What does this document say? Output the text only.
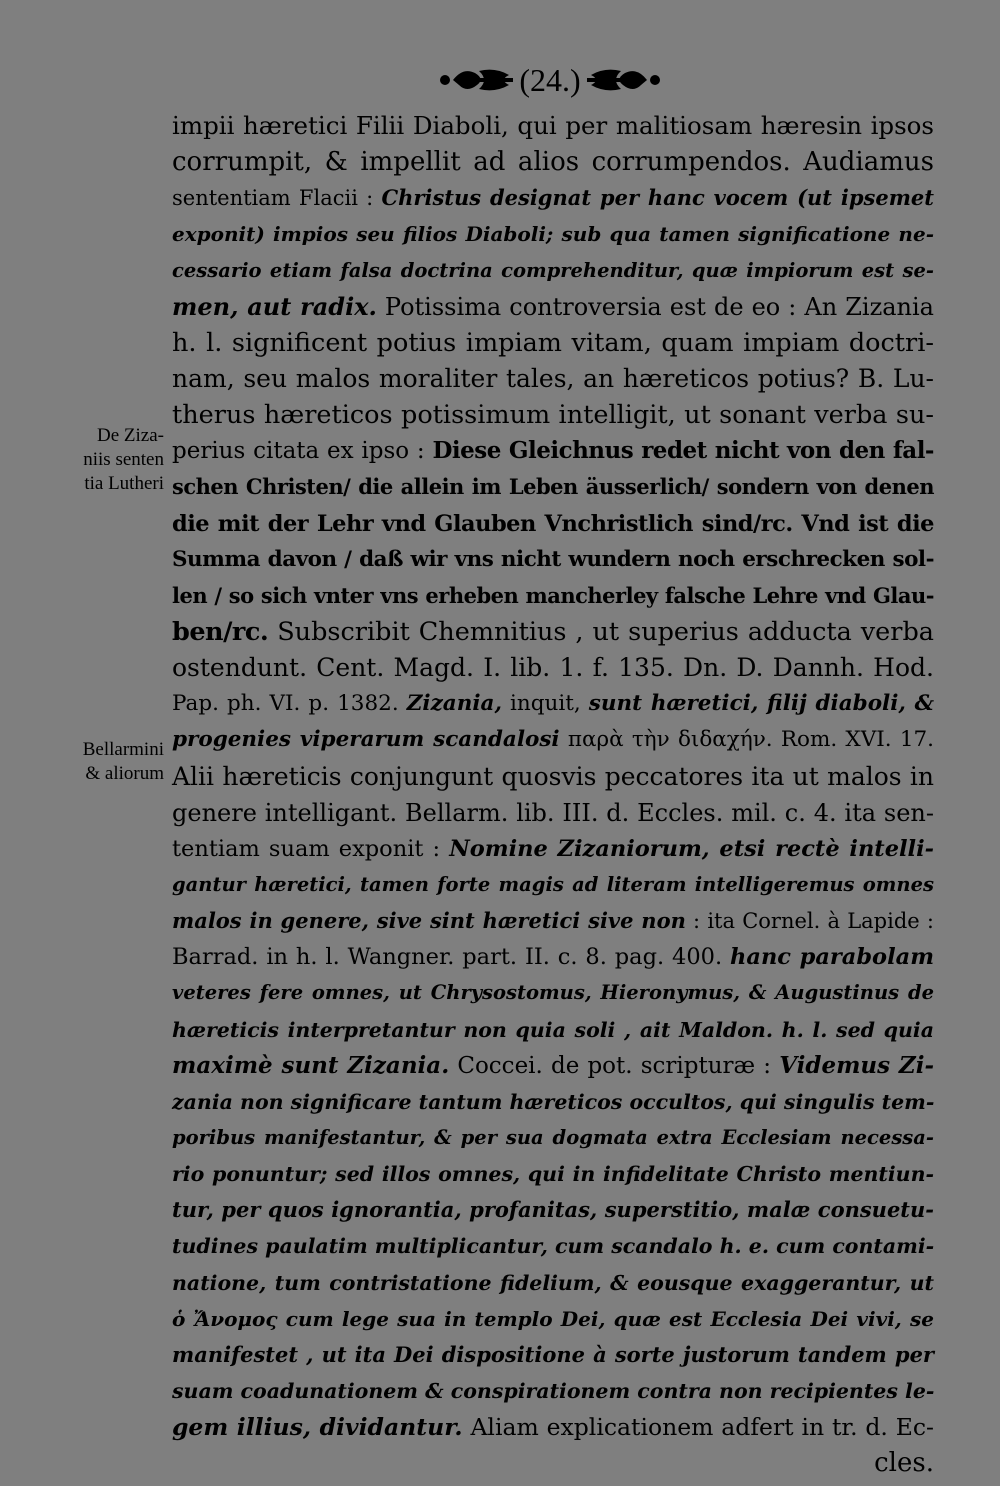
(24.)
De Ziza-
niis senten
tia Lutheri
Bellarmini
& aliorum
impii hæretici Filii Diaboli, qui per malitiosam hæresin ipsos
corrumpit, & impellit ad alios corrumpendos. Audiamus
sententiam Flacii : Christus designat per hanc vocem (ut ipsemet
exponit) impios seu filios Diaboli; sub qua tamen significatione ne-
cessario etiam falsa doctrina comprehenditur, quæ impiorum est se-
men, aut radix. Potissima controversia est de eo : An Zizania
h. l. significent potius impiam vitam, quam impiam doctri-
nam, seu malos moraliter tales, an hæreticos potius? B. Lu-
therus hæreticos potissimum intelligit, ut sonant verba su-
perius citata ex ipso : Diese Gleichnus redet nicht von den fal-
schen Christen/ die allein im Leben äusserlich/ sondern von denen
die mit der Lehr vnd Glauben Vnchristlich sind/rc. Vnd ist die
Summa davon / daß wir vns nicht wundern noch erschrecken sol-
len / so sich vnter vns erheben mancherley falsche Lehre vnd Glau-
ben/rc. Subscribit Chemnitius , ut superius adducta verba
ostendunt. Cent. Magd. I. lib. 1. f. 135. Dn. D. Dannh. Hod.
Pap. ph. VI. p. 1382. Zizania, inquit, sunt hæretici, filij diaboli, &
progenies viperarum scandalosi παρὰ τὴν διδαχήν. Rom. XVI. 17.
Alii hæreticis conjungunt quosvis peccatores ita ut malos in
genere intelligant. Bellarm. lib. III. d. Eccles. mil. c. 4. ita sen-
tentiam suam exponit : Nomine Zizaniorum, etsi rectè intelli-
gantur hæretici, tamen forte magis ad literam intelligeremus omnes
malos in genere, sive sint hæretici sive non : ita Cornel. à Lapide :
Barrad. in h. l. Wangner. part. II. c. 8. pag. 400. hanc parabolam
veteres fere omnes, ut Chrysostomus, Hieronymus, & Augustinus de
hæreticis interpretantur non quia soli , ait Maldon. h. l. sed quia
maximè sunt Zizania. Coccei. de pot. scripturæ : Videmus Zi-
zania non significare tantum hæreticos occultos, qui singulis tem-
poribus manifestantur, & per sua dogmata extra Ecclesiam necessa-
rio ponuntur; sed illos omnes, qui in infidelitate Christo mentiun-
tur, per quos ignorantia, profanitas, superstitio, malæ consuetu-
tudines paulatim multiplicantur, cum scandalo h. e. cum contami-
natione, tum contristatione fidelium, & eousque exaggerantur, ut
ὁ Ἄνομος cum lege sua in templo Dei, quæ est Ecclesia Dei vivi, se
manifestet , ut ita Dei dispositione à sorte justorum tandem per
suam coadunationem & conspirationem contra non recipientes le-
gem illius, dividantur. Aliam explicationem adfert in tr. d. Ec-
cles.
